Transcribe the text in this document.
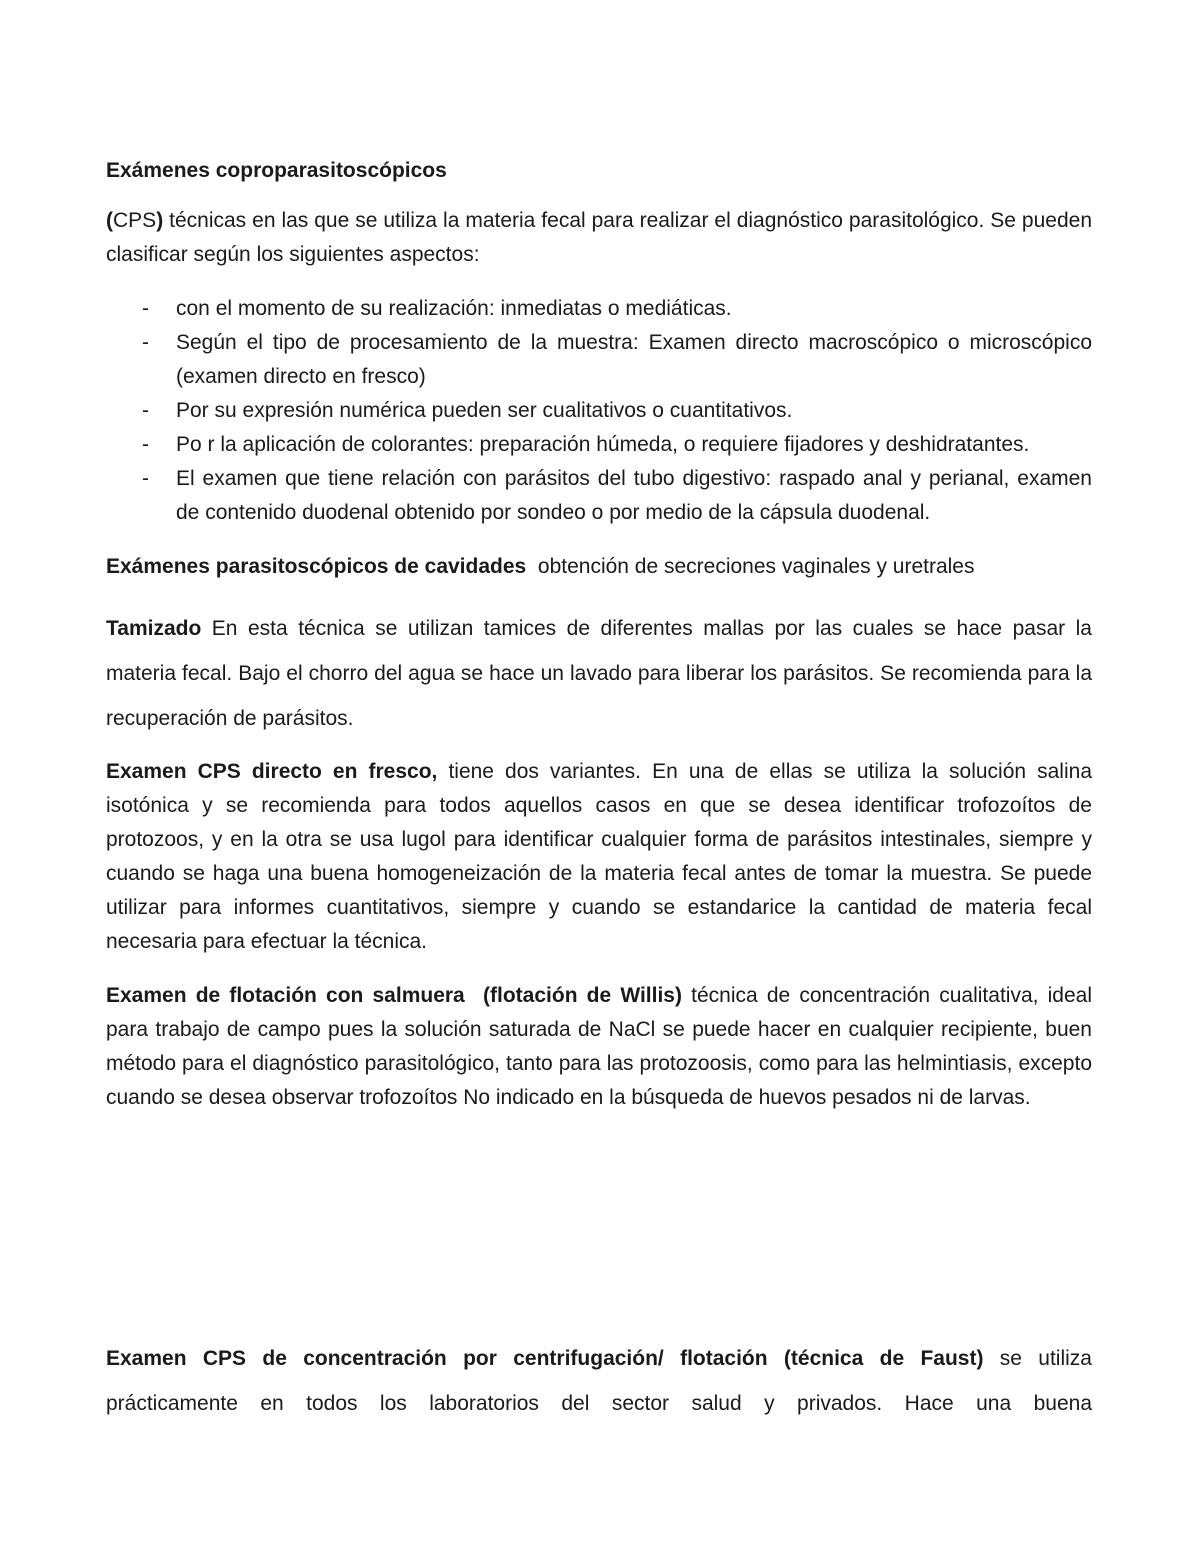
Exámenes coproparasitoscópicos

(CPS) técnicas en las que se utiliza la materia fecal para realizar el diagnóstico parasitológico. Se pueden clasificar según los siguientes aspectos:

- con el momento de su realización: inmediatas o mediáticas.
- Según el tipo de procesamiento de la muestra: Examen directo macroscópico o microscópico (examen directo en fresco)
- Por su expresión numérica pueden ser cualitativos o cuantitativos.
- Po r la aplicación de colorantes: preparación húmeda, o requiere fijadores y deshidratantes.
- El examen que tiene relación con parásitos del tubo digestivo: raspado anal y perianal, examen de contenido duodenal obtenido por sondeo o por medio de la cápsula duodenal.

Exámenes parasitoscópicos de cavidades  obtención de secreciones vaginales y uretrales

Tamizado En esta técnica se utilizan tamices de diferentes mallas por las cuales se hace pasar la materia fecal. Bajo el chorro del agua se hace un lavado para liberar los parásitos. Se recomienda para la recuperación de parásitos.

Examen CPS directo en fresco, tiene dos variantes. En una de ellas se utiliza la solución salina isotónica y se recomienda para todos aquellos casos en que se desea identificar trofozoítos de protozoos, y en la otra se usa lugol para identificar cualquier forma de parásitos intestinales, siempre y cuando se haga una buena homogeneización de la materia fecal antes de tomar la muestra. Se puede utilizar para informes cuantitativos, siempre y cuando se estandarice la cantidad de materia fecal necesaria para efectuar la técnica.

Examen de flotación con salmuera  (flotación de Willis) técnica de concentración cualitativa, ideal para trabajo de campo pues la solución saturada de NaCl se puede hacer en cualquier recipiente, buen método para el diagnóstico parasitológico, tanto para las protozoosis, como para las helmintiasis, excepto cuando se desea observar trofozoítos No indicado en la búsqueda de huevos pesados ni de larvas.

Examen CPS de concentración por centrifugación/ flotación (técnica de Faust) se utiliza prácticamente en todos los laboratorios del sector salud y privados. Hace una buena
